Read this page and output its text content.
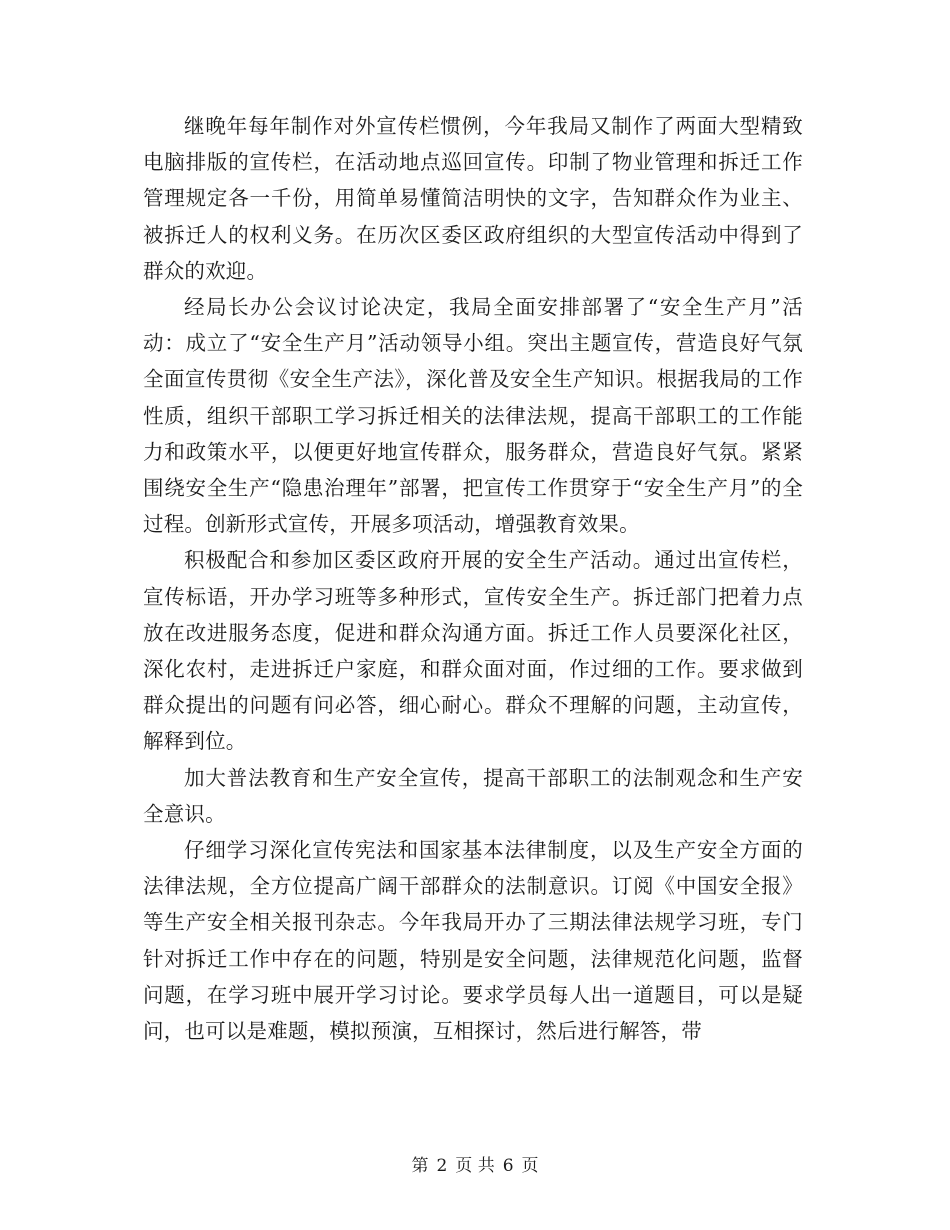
继晚年每年制作对外宣传栏惯例，今年我局又制作了两面大型精致电脑排版的宣传栏，在活动地点巡回宣传。印制了物业管理和拆迁工作管理规定各一千份，用简单易懂简洁明快的文字，告知群众作为业主、被拆迁人的权利义务。在历次区委区政府组织的大型宣传活动中得到了群众的欢迎。

经局长办公会议讨论决定，我局全面安排部署了“安全生产月”活动：成立了“安全生产月”活动领导小组。突出主题宣传，营造良好气氛全面宣传贯彻《安全生产法》，深化普及安全生产知识。根据我局的工作性质，组织干部职工学习拆迁相关的法律法规，提高干部职工的工作能力和政策水平，以便更好地宣传群众，服务群众，营造良好气氛。紧紧围绕安全生产“隐患治理年”部署，把宣传工作贯穿于“安全生产月”的全过程。创新形式宣传，开展多项活动，增强教育效果。

积极配合和参加区委区政府开展的安全生产活动。通过出宣传栏，宣传标语，开办学习班等多种形式，宣传安全生产。拆迁部门把着力点放在改进服务态度，促进和群众沟通方面。拆迁工作人员要深化社区，深化农村，走进拆迁户家庭，和群众面对面，作过细的工作。要求做到群众提出的问题有问必答，细心耐心。群众不理解的问题，主动宣传，解释到位。

加大普法教育和生产安全宣传，提高干部职工的法制观念和生产安全意识。

仔细学习深化宣传宪法和国家基本法律制度，以及生产安全方面的法律法规，全方位提高广阔干部群众的法制意识。订阅《中国安全报》等生产安全相关报刊杂志。今年我局开办了三期法律法规学习班，专门针对拆迁工作中存在的问题，特别是安全问题，法律规范化问题，监督问题，在学习班中展开学习讨论。要求学员每人出一道题目，可以是疑问，也可以是难题，模拟预演，互相探讨，然后进行解答，带

第 2 页 共 6 页
